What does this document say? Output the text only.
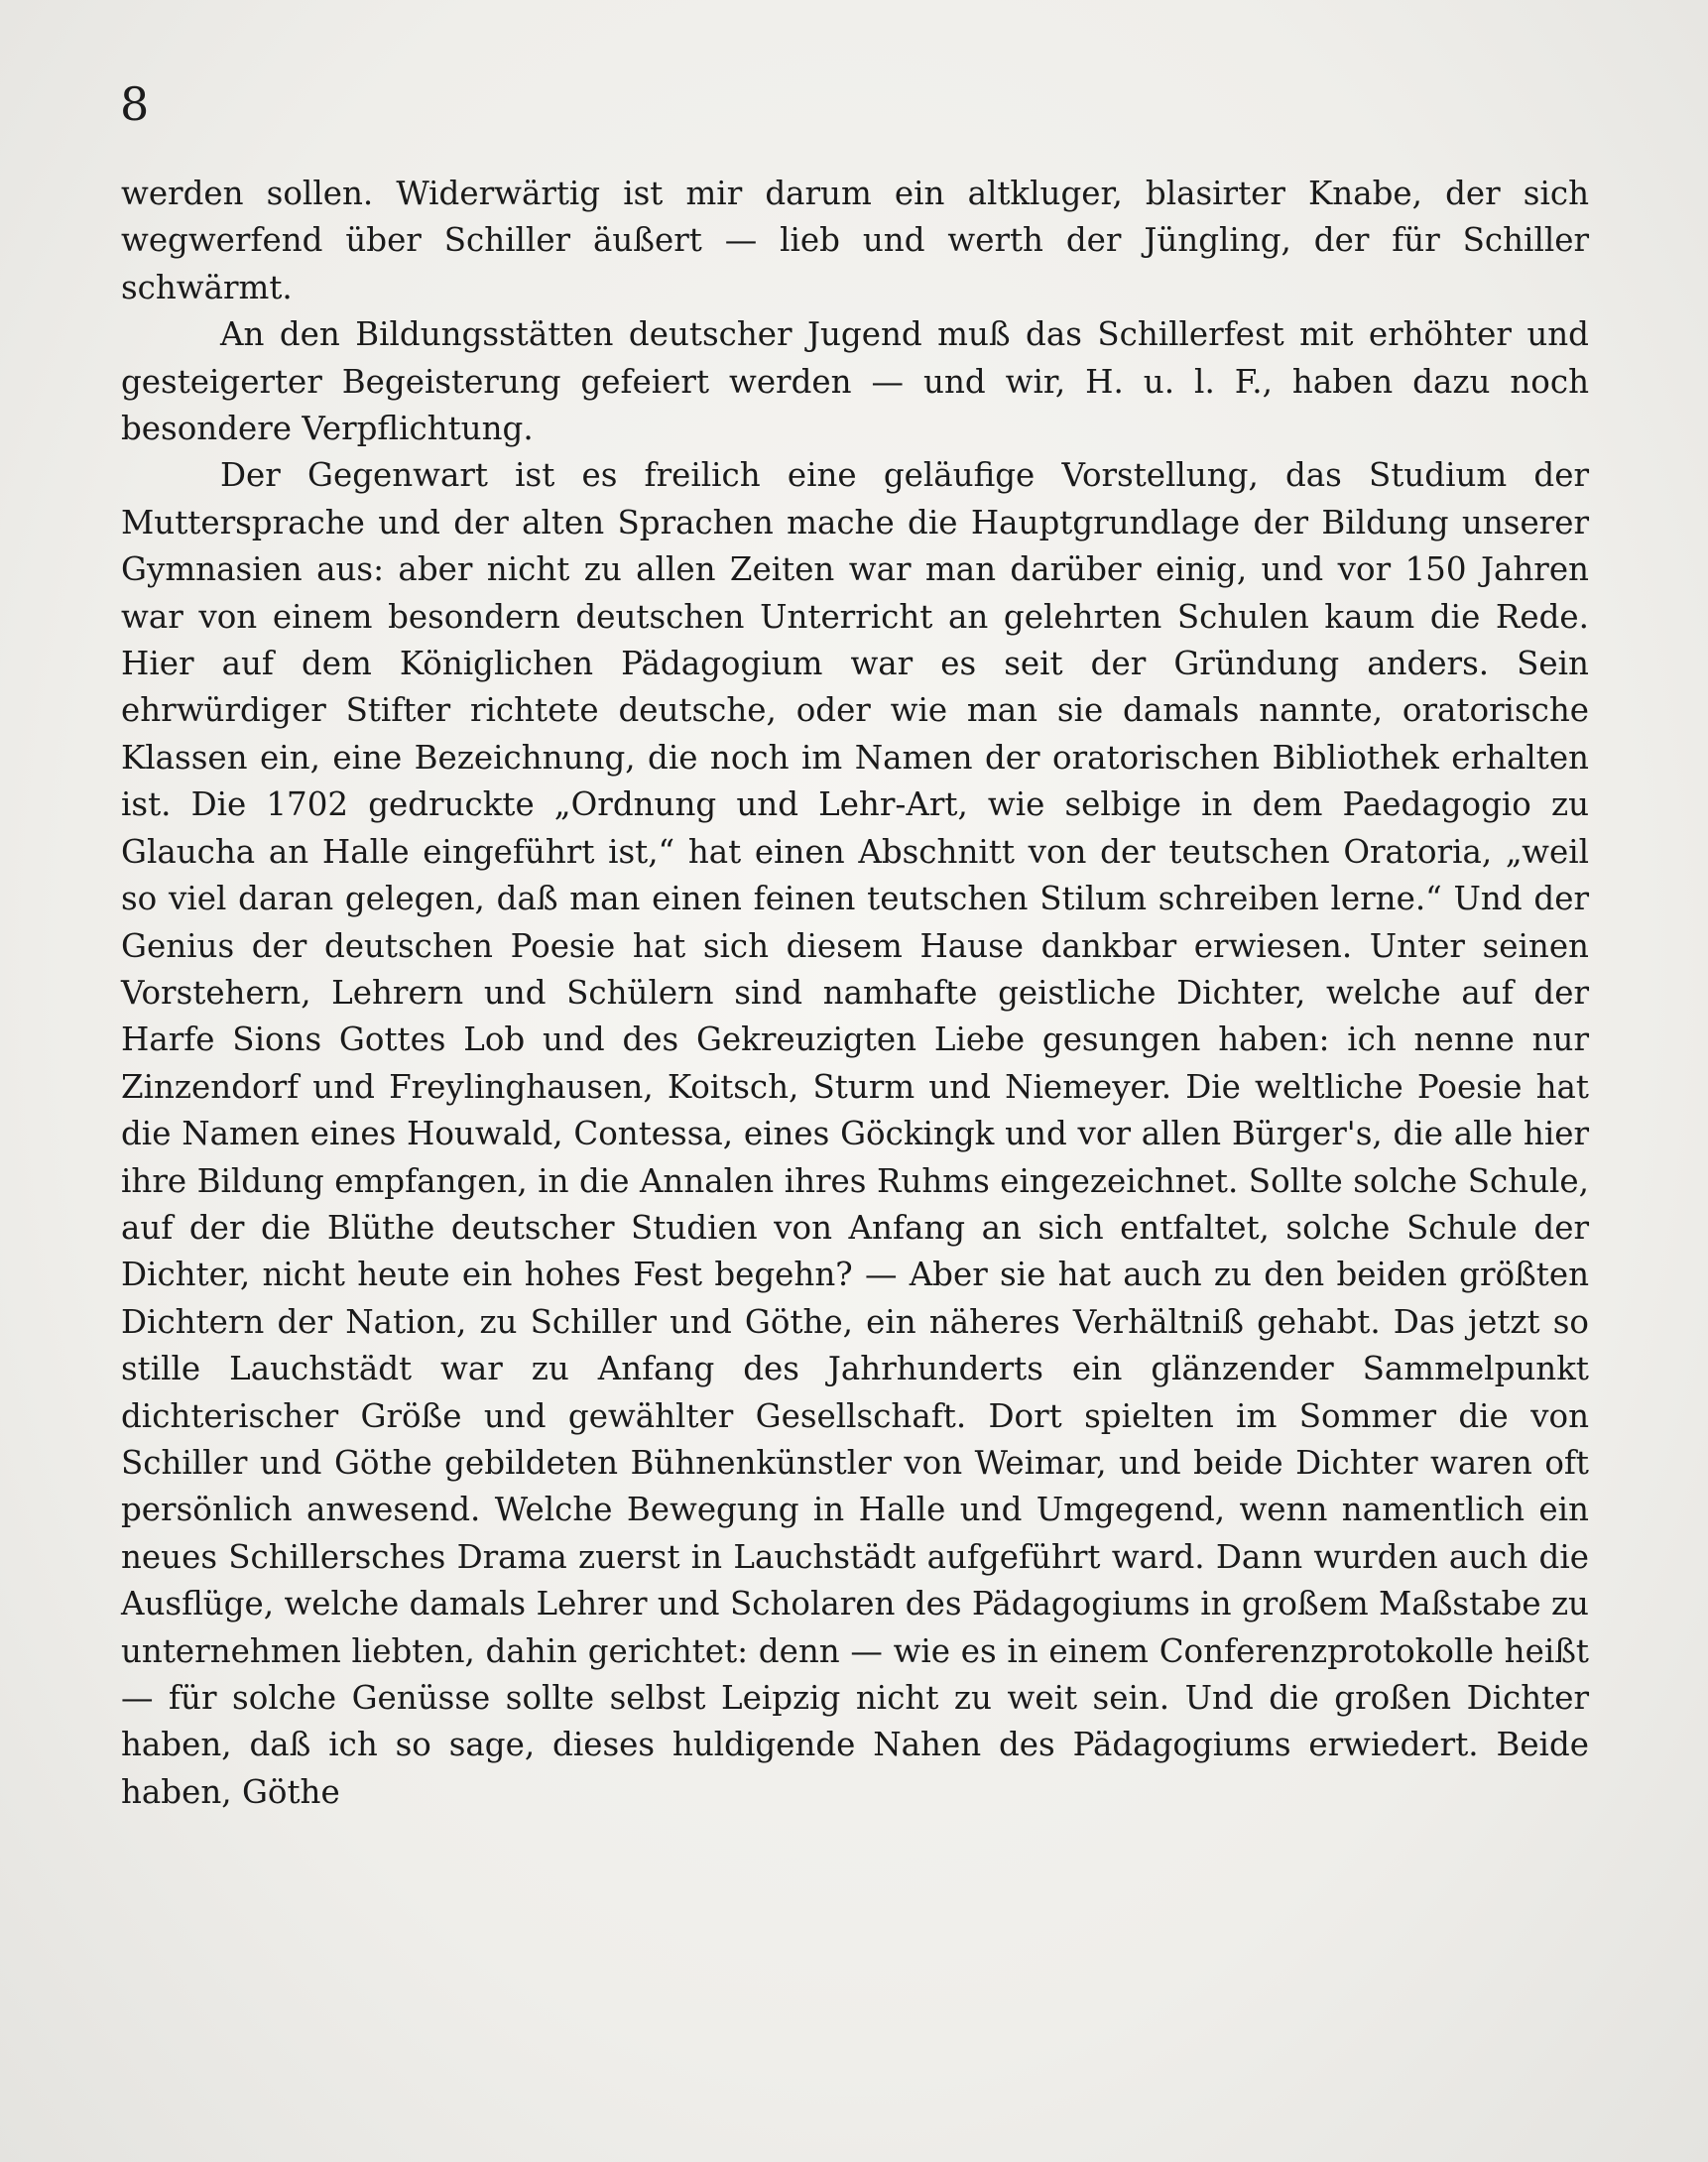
8

werden sollen. Widerwärtig ist mir darum ein altkluger, blasirter Knabe, der sich wegwerfend über Schiller äußert — lieb und werth der Jüngling, der für Schiller schwärmt.

An den Bildungsstätten deutscher Jugend muß das Schillerfest mit erhöhter und gesteigerter Begeisterung gefeiert werden — und wir, H. u. l. F., haben dazu noch besondere Verpflichtung.

Der Gegenwart ist es freilich eine geläufige Vorstellung, das Studium der Muttersprache und der alten Sprachen mache die Hauptgrundlage der Bildung unserer Gymnasien aus: aber nicht zu allen Zeiten war man darüber einig, und vor 150 Jahren war von einem besondern deutschen Unterricht an gelehrten Schulen kaum die Rede. Hier auf dem Königlichen Pädagogium war es seit der Gründung anders. Sein ehrwürdiger Stifter richtete deutsche, oder wie man sie damals nannte, oratorische Klassen ein, eine Bezeichnung, die noch im Namen der oratorischen Bibliothek erhalten ist. Die 1702 gedruckte „Ordnung und Lehr-Art, wie selbige in dem Paedagogio zu Glaucha an Halle eingeführt ist,“ hat einen Abschnitt von der teutschen Oratoria, „weil so viel daran gelegen, daß man einen feinen teutschen Stilum schreiben lerne.“ Und der Genius der deutschen Poesie hat sich diesem Hause dankbar erwiesen. Unter seinen Vorstehern, Lehrern und Schülern sind namhafte geistliche Dichter, welche auf der Harfe Sions Gottes Lob und des Gekreuzigten Liebe gesungen haben: ich nenne nur Zinzendorf und Freylinghausen, Koitsch, Sturm und Niemeyer. Die weltliche Poesie hat die Namen eines Houwald, Contessa, eines Göckingk und vor allen Bürger's, die alle hier ihre Bildung empfangen, in die Annalen ihres Ruhms eingezeichnet. Sollte solche Schule, auf der die Blüthe deutscher Studien von Anfang an sich entfaltet, solche Schule der Dichter, nicht heute ein hohes Fest begehn? — Aber sie hat auch zu den beiden größten Dichtern der Nation, zu Schiller und Göthe, ein näheres Verhältniß gehabt. Das jetzt so stille Lauchstädt war zu Anfang des Jahrhunderts ein glänzender Sammelpunkt dichterischer Größe und gewählter Gesellschaft. Dort spielten im Sommer die von Schiller und Göthe gebildeten Bühnenkünstler von Weimar, und beide Dichter waren oft persönlich anwesend. Welche Bewegung in Halle und Umgegend, wenn namentlich ein neues Schillersches Drama zuerst in Lauchstädt aufgeführt ward. Dann wurden auch die Ausflüge, welche damals Lehrer und Scholaren des Pädagogiums in großem Maßstabe zu unternehmen liebten, dahin gerichtet: denn — wie es in einem Conferenzprotokolle heißt — für solche Genüsse sollte selbst Leipzig nicht zu weit sein. Und die großen Dichter haben, daß ich so sage, dieses huldigende Nahen des Pädagogiums erwiedert. Beide haben, Göthe
